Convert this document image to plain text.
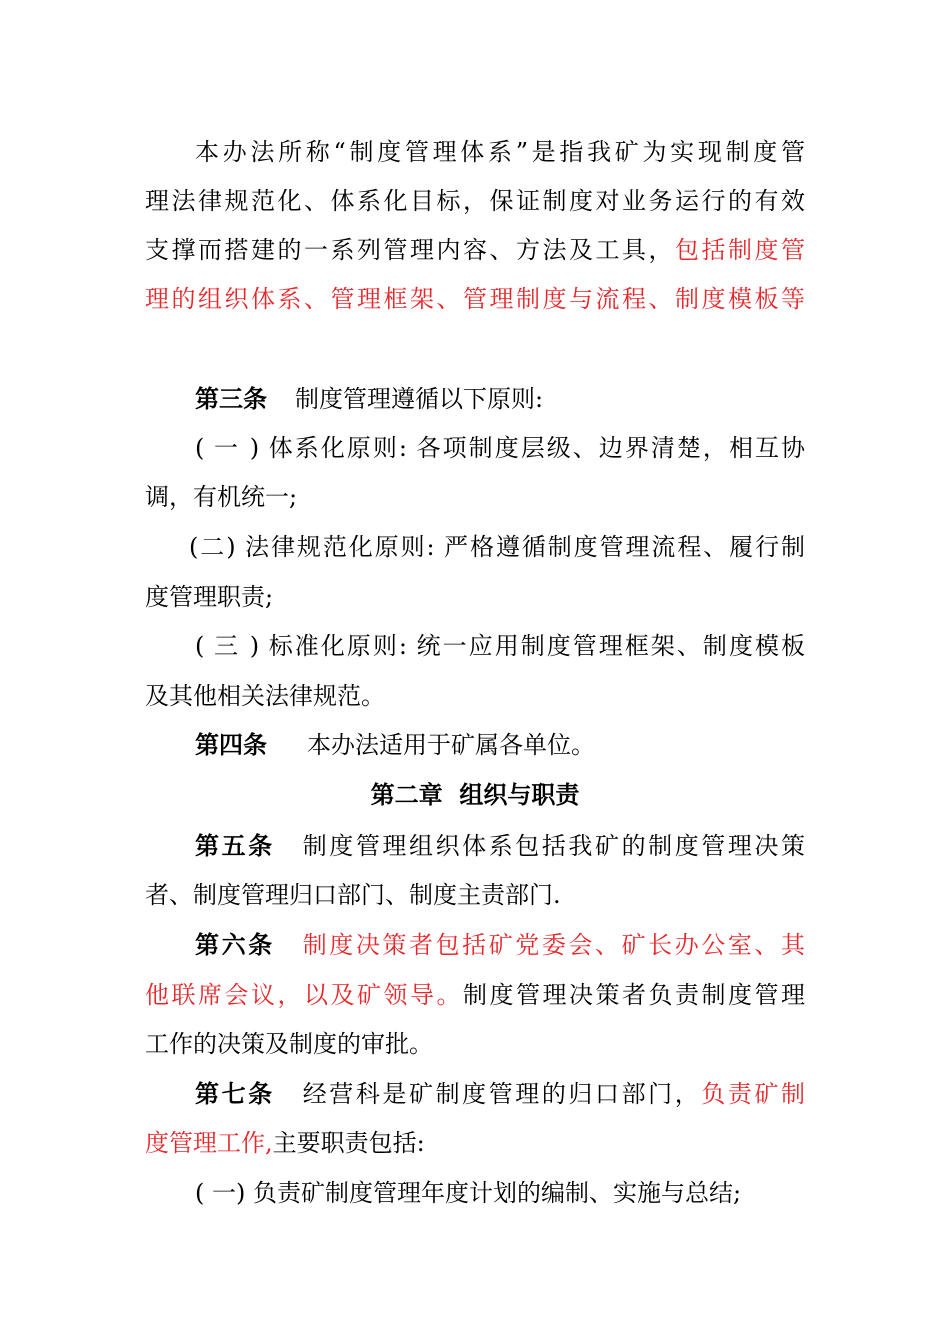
本办法所称“制度管理体系”是指我矿为实现制度管
理法律规范化、体系化目标，保证制度对业务运行的有效
支撑而搭建的一系列管理内容、方法及工具，包括制度管
理的组织体系、管理框架、管理制度与流程、制度模板等
第三条 制度管理遵循以下原则:
( 一 ) 体系化原则: 各项制度层级、边界清楚，相互协
调，有机统一;
(二) 法律规范化原则: 严格遵循制度管理流程、履行制
度管理职责;
( 三 ) 标准化原则: 统一应用制度管理框架、制度模板
及其他相关法律规范。
第四条 本办法适用于矿属各单位。
第二章  组织与职责
第五条 制度管理组织体系包括我矿的制度管理决策
者、制度管理归口部门、制度主责部门.
第六条 制度决策者包括矿党委会、矿长办公室、其
他联席会议，以及矿领导。制度管理决策者负责制度管理
工作的决策及制度的审批。
第七条 经营科是矿制度管理的归口部门，负责矿制
度管理工作,主要职责包括:
( 一) 负责矿制度管理年度计划的编制、实施与总结;
